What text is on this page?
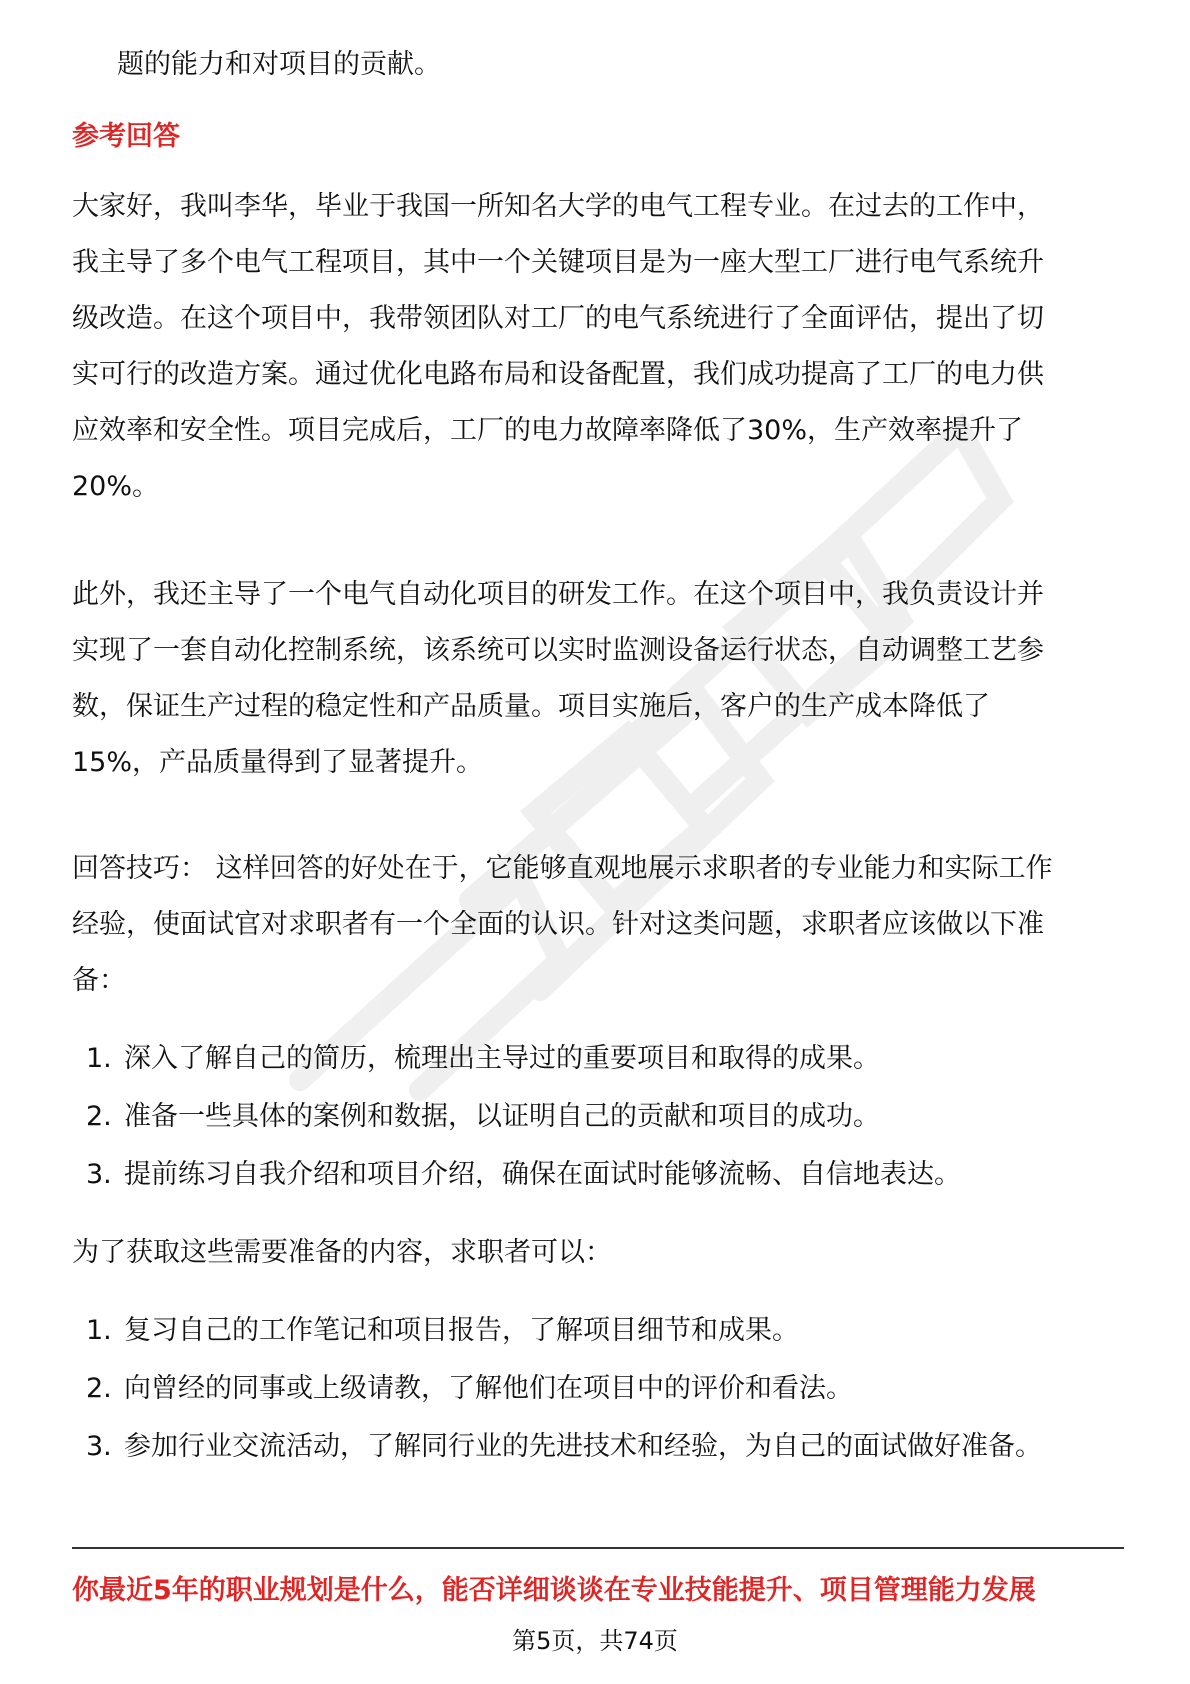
题的能力和对项目的贡献。
参考回答
大家好，我叫李华，毕业于我国一所知名大学的电气工程专业。在过去的工作中，
我主导了多个电气工程项目，其中一个关键项目是为一座大型工厂进行电气系统升
级改造。在这个项目中，我带领团队对工厂的电气系统进行了全面评估，提出了切
实可行的改造方案。通过优化电路布局和设备配置，我们成功提高了工厂的电力供
应效率和安全性。项目完成后，工厂的电力故障率降低了30%，生产效率提升了
20%。
此外，我还主导了一个电气自动化项目的研发工作。在这个项目中，我负责设计并
实现了一套自动化控制系统，该系统可以实时监测设备运行状态，自动调整工艺参
数，保证生产过程的稳定性和产品质量。项目实施后，客户的生产成本降低了
15%，产品质量得到了显著提升。
回答技巧： 这样回答的好处在于，它能够直观地展示求职者的专业能力和实际工作
经验，使面试官对求职者有一个全面的认识。针对这类问题，求职者应该做以下准
备：
1. 深入了解自己的简历，梳理出主导过的重要项目和取得的成果。
2. 准备一些具体的案例和数据，以证明自己的贡献和项目的成功。
3. 提前练习自我介绍和项目介绍，确保在面试时能够流畅、自信地表达。
为了获取这些需要准备的内容，求职者可以：
1. 复习自己的工作笔记和项目报告，了解项目细节和成果。
2. 向曾经的同事或上级请教，了解他们在项目中的评价和看法。
3. 参加行业交流活动，了解同行业的先进技术和经验，为自己的面试做好准备。
你最近5年的职业规划是什么，能否详细谈谈在专业技能提升、项目管理能力发展
第5页，共74页
